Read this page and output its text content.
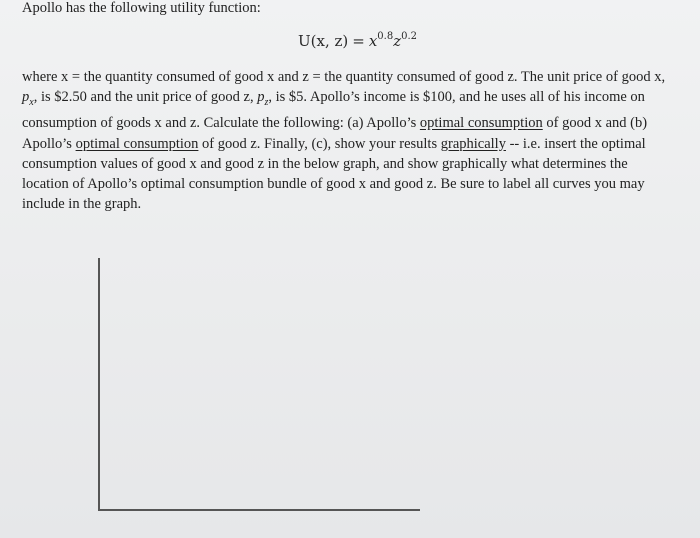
Apollo has the following utility function:
U(x, $z) = x^{0.8}z^{0.2}$
where x = the quantity consumed of good x and z = the quantity consumed of good z. The unit price of good x,
$p_x$, is $2.50 and the unit price of good z, $p_z$, is $5. Apollo’s income is $100, and he uses all of his income on
consumption of goods x and z. Calculate the following: (a) Apollo’s optimal consumption of good x and (b)
Apollo’s optimal consumption of good z. Finally, (c), show your results graphically -- i.e. insert the optimal
consumption values of good x and good z in the below graph, and show graphically what determines the
location of Apollo’s optimal consumption bundle of good x and good z. Be sure to label all curves you may
include in the graph.
